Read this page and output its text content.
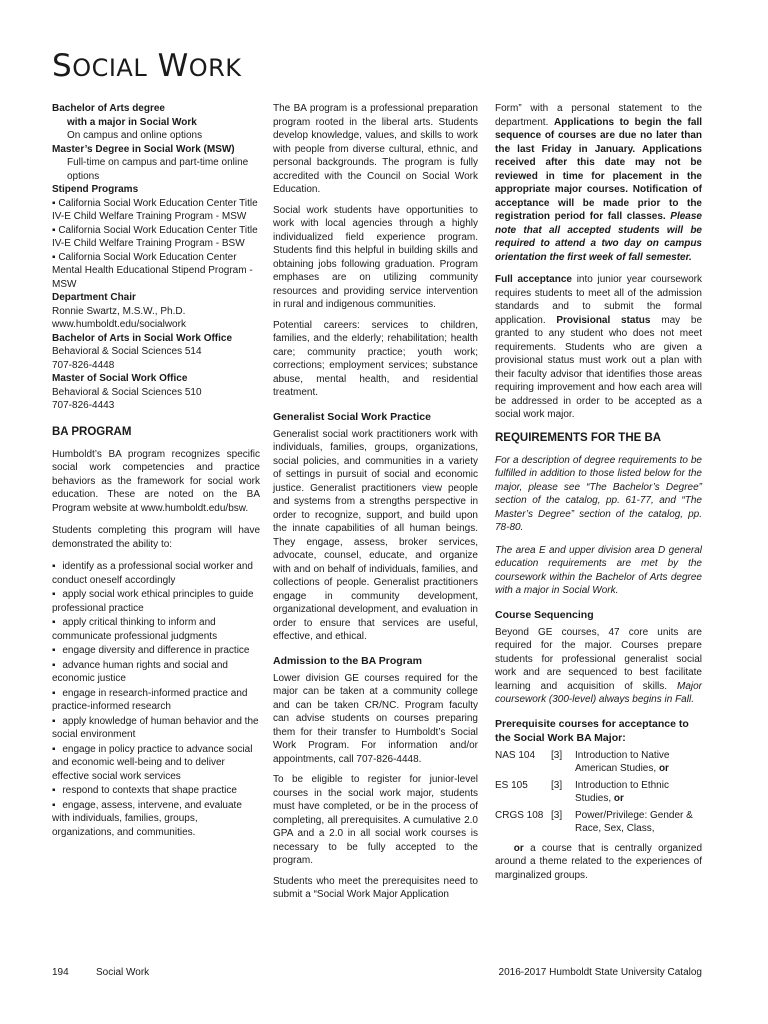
SOCIAL WORK

Bachelor of Arts degree

with a major in Social Work

On campus and online options

Master’s Degree in Social Work (MSW)

Full-time on campus and part-time online options

Stipend Programs

▪ California Social Work Education Center Title IV-E Child Welfare Training Program - MSW

▪ California Social Work Education Center Title IV-E Child Welfare Training Program - BSW

▪ California Social Work Education Center Mental Health Educational Stipend Program - MSW

Department Chair

Ronnie Swartz, M.S.W., Ph.D.

www.humboldt.edu/socialwork

Bachelor of Arts in Social Work Office

Behavioral & Social Sciences 514

707-826-4448

Master of Social Work Office

Behavioral & Social Sciences 510

707-826-4443

BA PROGRAM

Humboldt’s BA program recognizes specific social work competencies and practice behaviors as the framework for social work education. These are noted on the BA Program website at www.humboldt.edu/bsw.

Students completing this program will have demonstrated the ability to:

▪ identify as a professional social worker and conduct oneself accordingly

▪ apply social work ethical principles to guide professional practice

▪ apply critical thinking to inform and communicate professional judgments

▪ engage diversity and difference in practice

▪ advance human rights and social and economic justice

▪ engage in research-informed practice and practice-informed research

▪ apply knowledge of human behavior and the social environment

▪ engage in policy practice to advance social and economic well-being and to deliver effective social work services

▪ respond to contexts that shape practice

▪ engage, assess, intervene, and evaluate with individuals, families, groups, organizations, and communities.

The BA program is a professional preparation program rooted in the liberal arts. Students develop knowledge, values, and skills to work with people from diverse cultural, ethnic, and personal backgrounds. The program is fully accredited with the Council on Social Work Education.

Social work students have opportunities to work with local agencies through a highly individualized field experience program. Students find this helpful in building skills and obtaining jobs following graduation. Program emphases are on utilizing community resources and providing service intervention in rural and indigenous communities.

Potential careers: services to children, families, and the elderly; rehabilitation; health care; community practice; youth work; corrections; employment services; substance abuse, mental health, and residential treatment.

Generalist Social Work Practice

Generalist social work practitioners work with individuals, families, groups, organizations, social policies, and communities in a variety of settings in pursuit of social and economic justice. Generalist practitioners view people and systems from a strengths perspective in order to recognize, support, and build upon the innate capabilities of all human beings. They engage, assess, broker services, advocate, counsel, educate, and organize with and on behalf of individuals, families, and collections of people. Generalist practitioners engage in community development, organizational development, and evaluation in order to ensure that services are useful, effective, and ethical.

Admission to the BA Program

Lower division GE courses required for the major can be taken at a community college and can be taken CR/NC. Program faculty can advise students on courses preparing them for their transfer to Humboldt’s Social Work Program. For information and/or appointments, call 707-826-4448.

To be eligible to register for junior-level courses in the social work major, students must have completed, or be in the process of completing, all prerequisites. A cumulative 2.0 GPA and a 2.0 in all social work courses is necessary to be fully accepted to the program.

Students who meet the prerequisites need to submit a “Social Work Major Application

Form” with a personal statement to the department. Applications to begin the fall sequence of courses are due no later than the last Friday in January. Applications received after this date may not be reviewed in time for placement in the appropriate major courses. Notification of acceptance will be made prior to the registration period for fall classes. Please note that all accepted students will be required to attend a two day on campus orientation the first week of fall semester.

Full acceptance into junior year coursework requires students to meet all of the admission standards and to submit the formal application. Provisional status may be granted to any student who does not meet requirements. Students who are given a provisional status must work out a plan with their faculty advisor that identifies those areas requiring improvement and how each area will be addressed in order to be accepted as a social work major.

REQUIREMENTS FOR THE BA

For a description of degree requirements to be fulfilled in addition to those listed below for the major, please see “The Bachelor’s Degree” section of the catalog, pp. 61-77, and “The Master’s Degree” section of the catalog, pp. 78-80.

The area E and upper division area D general education requirements are met by the coursework within the Bachelor of Arts degree with a major in Social Work.

Course Sequencing

Beyond GE courses, 47 core units are required for the major. Courses prepare students for professional generalist social work and are sequenced to best facilitate learning and acquisition of skills. Major coursework (300-level) always begins in Fall.

Prerequisite courses for acceptance to the Social Work BA Major:
NAS 104	[3]	Introduction to Native American Studies, or
ES 105	[3]	Introduction to Ethnic Studies, or
CRGS 108	[3]	Power/Privilege: Gender & Race, Sex, Class,

or a course that is centrally organized around a theme related to the experiences of marginalized groups.

194	Social Work	2016-2017 Humboldt State University Catalog
